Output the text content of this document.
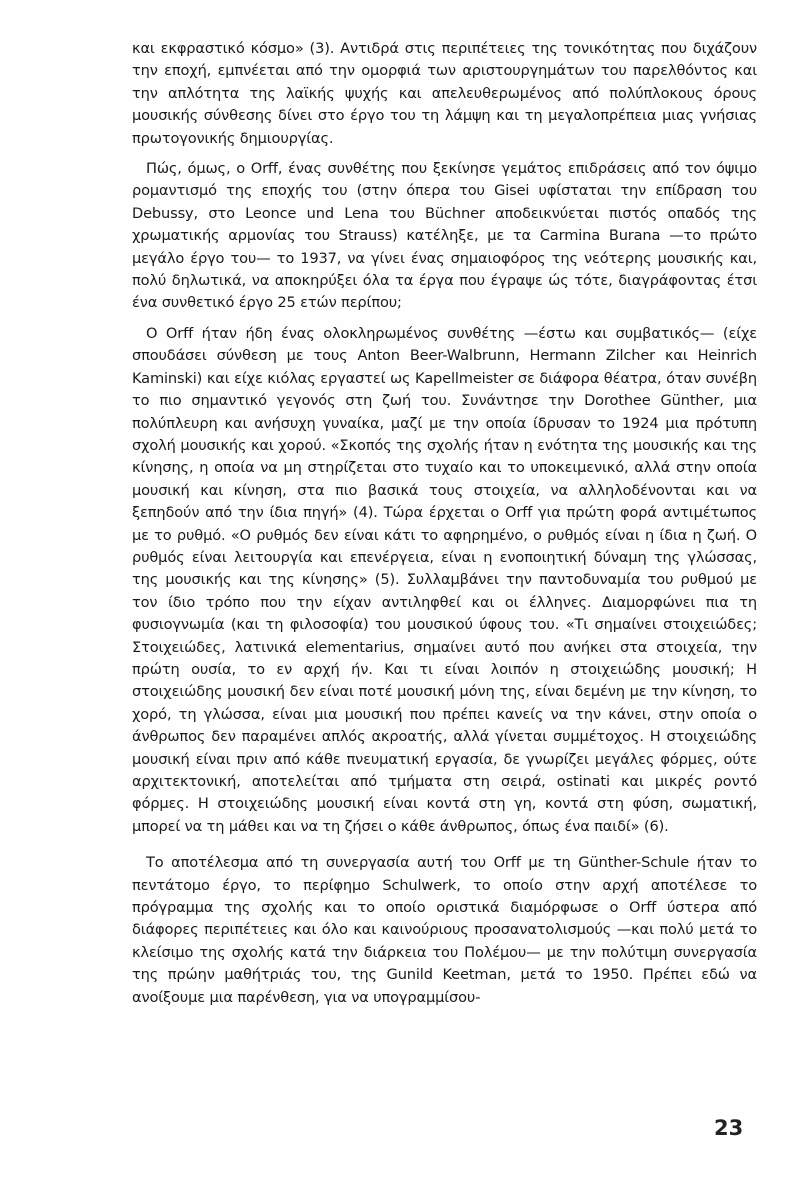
και εκφραστικό κόσμο» (3). Αντιδρά στις περιπέτειες της τονικότητας που διχάζουν την εποχή, εμπνέεται από την ομορφιά των αριστουργημάτων του παρελθόντος και την απλότητα της λαϊκής ψυχής και απελευθερωμένος από πολύπλοκους όρους μουσικής σύνθεσης δίνει στο έργο του τη λάμψη και τη μεγαλοπρέπεια μιας γνήσιας πρωτογονικής δημιουργίας.

Πώς, όμως, ο Orff, ένας συνθέτης που ξεκίνησε γεμάτος επιδράσεις από τον όψιμο ρομαντισμό της εποχής του (στην όπερα του Gisei υφίσταται την επίδραση του Debussy, στο Leonce und Lena του Büchner αποδεικνύεται πιστός οπαδός της χρωματικής αρμονίας του Strauss) κατέληξε, με τα Carmina Burana —το πρώτο μεγάλο έργο του— το 1937, να γίνει ένας σημαιοφόρος της νεότερης μουσικής και, πολύ δηλωτικά, να αποκηρύξει όλα τα έργα που έγραψε ώς τότε, διαγράφοντας έτσι ένα συνθετικό έργο 25 ετών περίπου;

Ο Orff ήταν ήδη ένας ολοκληρωμένος συνθέτης —έστω και συμβατικός— (είχε σπουδάσει σύνθεση με τους Anton Beer-Walbrunn, Hermann Zilcher και Heinrich Kaminski) και είχε κιόλας εργαστεί ως Kapellmeister σε διάφορα θέατρα, όταν συνέβη το πιο σημαντικό γεγονός στη ζωή του. Συνάντησε την Dorothee Günther, μια πολύπλευρη και ανήσυχη γυναίκα, μαζί με την οποία ίδρυσαν το 1924 μια πρότυπη σχολή μουσικής και χορού. «Σκοπός της σχολής ήταν η ενότητα της μουσικής και της κίνησης, η οποία να μη στηρίζεται στο τυχαίο και το υποκειμενικό, αλλά στην οποία μουσική και κίνηση, στα πιο βασικά τους στοιχεία, να αλληλοδένονται και να ξεπηδούν από την ίδια πηγή» (4). Τώρα έρχεται ο Orff για πρώτη φορά αντιμέτωπος με το ρυθμό. «Ο ρυθμός δεν είναι κάτι το αφηρημένο, ο ρυθμός είναι η ίδια η ζωή. Ο ρυθμός είναι λειτουργία και επενέργεια, είναι η ενοποιητική δύναμη της γλώσσας, της μουσικής και της κίνησης» (5). Συλλαμβάνει την παντοδυναμία του ρυθμού με τον ίδιο τρόπο που την είχαν αντιληφθεί και οι έλληνες. Διαμορφώνει πια τη φυσιογνωμία (και τη φιλοσοφία) του μουσικού ύφους του. «Τι σημαίνει στοιχειώδες; Στοιχειώδες, λατινικά elementarius, σημαίνει αυτό που ανήκει στα στοιχεία, την πρώτη ουσία, το εν αρχή ήν. Και τι είναι λοιπόν η στοιχειώδης μουσική; Η στοιχειώδης μουσική δεν είναι ποτέ μουσική μόνη της, είναι δεμένη με την κίνηση, το χορό, τη γλώσσα, είναι μια μουσική που πρέπει κανείς να την κάνει, στην οποία ο άνθρωπος δεν παραμένει απλός ακροατής, αλλά γίνεται συμμέτοχος. Η στοιχειώδης μουσική είναι πριν από κάθε πνευματική εργασία, δε γνωρίζει μεγάλες φόρμες, ούτε αρχιτεκτονική, αποτελείται από τμήματα στη σειρά, ostinati και μικρές ροντό φόρμες. Η στοιχειώδης μουσική είναι κοντά στη γη, κοντά στη φύση, σωματική, μπορεί να τη μάθει και να τη ζήσει ο κάθε άνθρωπος, όπως ένα παιδί» (6).

Το αποτέλεσμα από τη συνεργασία αυτή του Orff με τη Günther-Schule ήταν το πεντάτομο έργο, το περίφημο Schulwerk, το οποίο στην αρχή αποτέλεσε το πρόγραμμα της σχολής και το οποίο οριστικά διαμόρφωσε ο Orff ύστερα από διάφορες περιπέτειες και όλο και καινούριους προσανατολισμούς —και πολύ μετά το κλείσιμο της σχολής κατά την διάρκεια του Πολέμου— με την πολύτιμη συνεργασία της πρώην μαθήτριάς του, της Gunild Keetman, μετά το 1950. Πρέπει εδώ να ανοίξουμε μια παρένθεση, για να υπογραμμίσου-

23
